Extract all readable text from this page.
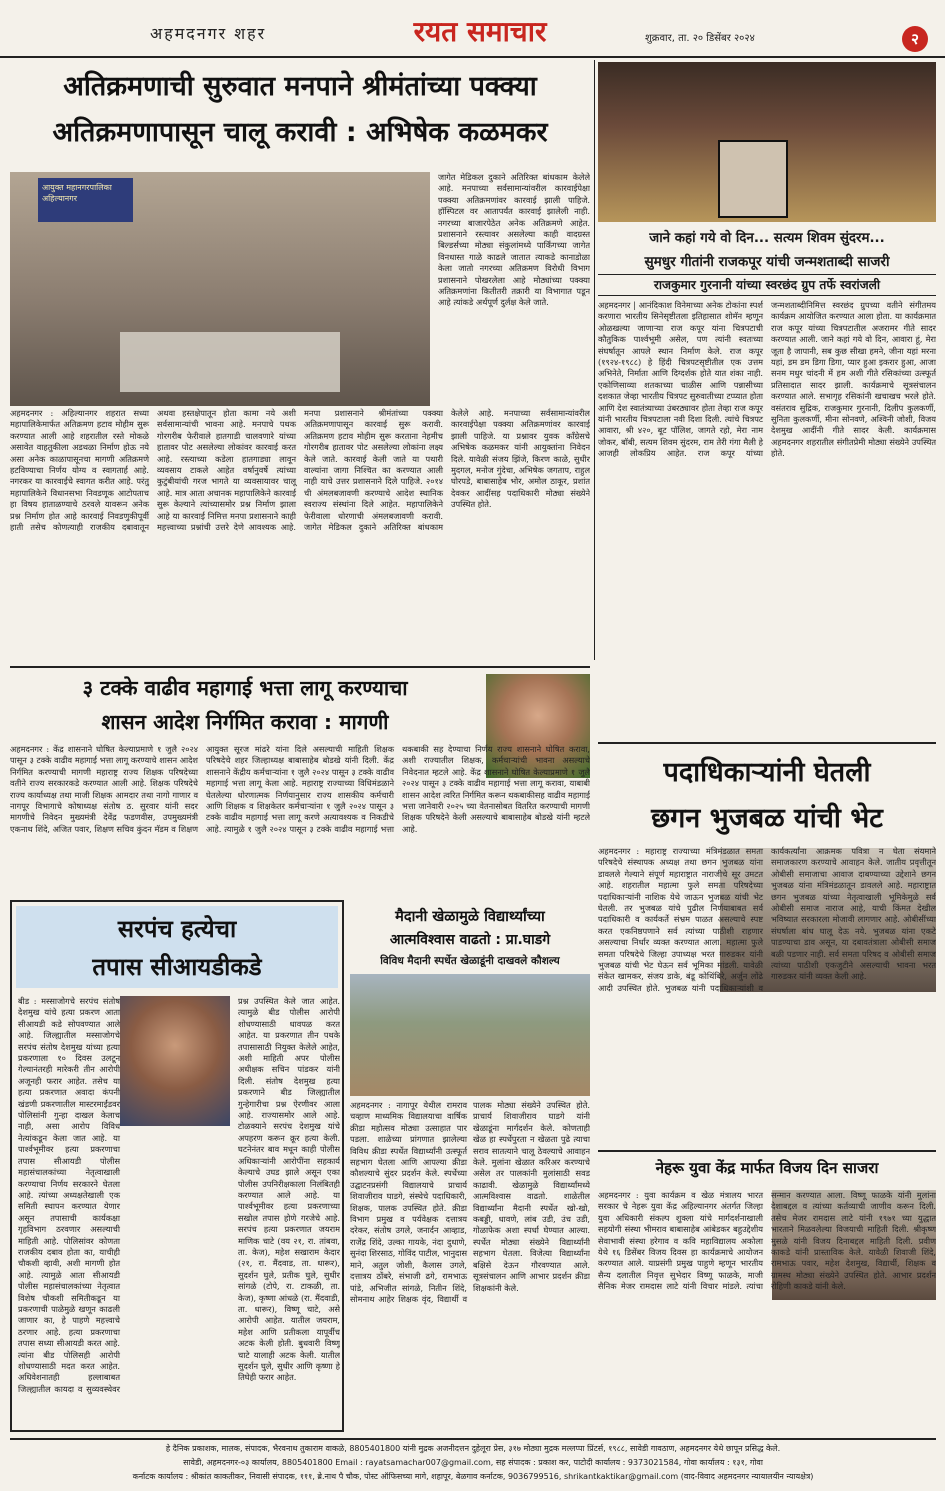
अहमदनगर शहर	रयत समाचार	शुक्रवार, ता. २० डिसेंबर २०२४	२
अतिक्रमणाची सुरुवात मनपाने श्रीमंतांच्या पक्क्या
अतिक्रमणापासून चालू करावी : अभिषेक कळमकर
आयुक्त महानगरपालिका अहिल्यानगर
अहमदनगर : अहिल्यानगर शहरात सध्या महापालिकेमार्फत अतिक्रमण हटाव मोहीम सुरू करण्यात आली आहे शहरातील रस्ते मोकळे असावेत वाहतुकीला अडथळा निर्माण होऊ नये असा अनेक काळापासूनचा मागणी अतिक्रमणे हटविण्याचा निर्णय योग्य व स्वागतार्ह आहे. नगरकर या कारवाईचे स्वागत करीत आहे. परंतु महापालिकेने विधानसभा निवडणूक आटोपताच हा विषय हाताळण्याचे ठरवले यावरून अनेक प्रश्न निर्माण होत आहे कारवाई निवडणुकीपूर्वी हाती तसेच कोणत्याही राजकीय दबावातून अथवा हस्तक्षेपातून होता कामा नये अशी सर्वसामान्यांची भावना आहे. मनपाचे पथक गोरगरीब फेरीवाले हातगाडी चालवणारे यांच्या हातावर पोट असलेल्या लोकांवर कारवाई करत आहे. रस्त्याच्या कडेला हातगाड्या लावून व्यवसाय टाकले आहेत वर्षानुवर्षे त्यांच्या कुटुंबीयांची गरज भागते या व्यवसायावर चालू आहे. मात्र आता अचानक महापालिकेने कारवाई सुरू केल्याने त्यांच्यासमोर प्रश्न निर्माण झाला आहे या कारवाई निमित्त मनपा प्रशासनाने काही महत्त्वाच्या प्रश्नांची उत्तरे देणे आवश्यक आहे. मनपा प्रशासनाने श्रीमंतांच्या पक्क्या अतिक्रमणापासून कारवाई सुरू करावी. अतिक्रमण हटाव मोहीम सुरू करताना नेहमीच गोरगरीब हातावर पोट असलेल्या लोकांना लक्ष्य केले जाते. कारवाई केली जाते या पथारी वाल्यांना जागा निश्चित का करण्यात आली नाही याचे उत्तर प्रशासनाने दिले पाहिजे. २०१४ ची अंमलबजावणी करण्याचे आदेश स्थानिक स्वराज्य संस्थांना दिले आहेत. महापालिकेने फेरीवाला धोरणाची अंमलबजावणी करावी. जागेत मेडिकल दुकाने अतिरिक्त बांधकाम केलेले आहे. मनपाच्या सर्वसामान्यांवरील कारवाईपेक्षा पक्क्या अतिक्रमणांवर कारवाई झाली पाहिजे. या प्रश्नावर युवक काँग्रेसचे अभिषेक कळमकर यांनी आयुक्तांना निवेदन दिले. यावेळी संजय झिंजे, किरण काळे, सुधीर मुदगल, मनोज गुंदेचा, अभिषेक जगताप, राहुल घोरपडे, बाबासाहेब भोर, अमोल ठाकूर, प्रशांत देवकर आदींसह पदाधिकारी मोठ्या संख्येने उपस्थित होते.
जागेत मेडिकल दुकाने अतिरिक्त बांधकाम केलेले आहे. मनपाच्या सर्वसामान्यांवरील कारवाईपेक्षा पक्क्या अतिक्रमणांवर कारवाई झाली पाहिजे. हॉस्पिटल वर आतापर्यंत कारवाई झालेली नाही. नगरच्या बाजारपेठेत अनेक अतिक्रमणे आहेत. प्रशासनाने रस्त्यावर असलेल्या काही वादग्रस्त बिल्डर्सच्या मोठ्या संकुलांमध्ये पार्किंगच्या जागेत विनधास्त गाळे काढले जातात त्याकडे कानाडोळा केला जातो नगरच्या अतिक्रमण विरोधी विभाग प्रशासनाने पोखरलेला आहे मोठ्यांच्या पक्क्या अतिक्रमणांना कितीतरी तक्रारी या विभागात पडून आहे त्यांकडे अर्थपूर्ण दुर्लक्ष केले जाते.
जाने कहां गये वो दिन... सत्यम शिवम सुंदरम...
सुमधुर गीतांनी राजकपूर यांची जन्मशताब्दी साजरी
राजकुमार गुरनानी यांच्या स्वरछंद ग्रुप तर्फे स्वरांजली
अहमदनगर | आनंदिकाश विनेमाच्या अनेक टोकांना स्पर्श करणारा भारतीय सिनेसृष्टीतला इतिहासात शोमॅन म्हणून ओळखल्या जाणाऱ्या राज कपूर यांना चित्रपटाची कौतुकिक पार्श्वभूमी असेल, पण त्यांनी स्वतःच्या संघर्षातून आपले स्थान निर्माण केले. राज कपूर (१९२४-१९८८) हे हिंदी चित्रपटसृष्टीतील एक उत्तम अभिनेते, निर्माता आणि दिग्दर्शक होते यात शंका नाही. एकोणिसाव्या शतकाच्या चाळीस आणि पन्नासीच्या दशकात जेव्हा भारतीय चित्रपट सुरुवातीच्या टप्प्यात होता आणि देश स्वातंत्र्याच्या उंबरठ्यावर होता तेव्हा राज कपूर यांनी भारतीय चित्रपटाला नवी दिशा दिली. त्यांचे चित्रपट आवारा, श्री ४२०, बूट पॉलिश, जागते रहो, मेरा नाम जोकर, बॉबी, सत्यम शिवम सुंदरम, राम तेरी गंगा मैली हे आजही लोकप्रिय आहेत. राज कपूर यांच्या जन्मशताब्दीनिमित्त स्वरछंद ग्रुपच्या वतीने संगीतमय कार्यक्रम आयोजित करण्यात आला होता. या कार्यक्रमात राज कपूर यांच्या चित्रपटातील अजरामर गीते सादर करण्यात आली. जाने कहां गये वो दिन, आवारा हूं, मेरा जूता है जापानी, सब कुछ सीखा हमने, जीना यहां मरना यहां, डम डम डिगा डिगा, प्यार हुआ इकरार हुआ, आजा सनम मधुर चांदनी में हम अशी गीते रसिकांच्या उत्स्फूर्त प्रतिसादात सादर झाली. कार्यक्रमाचे सूत्रसंचालन करण्यात आले. सभागृह रसिकांनी खचाखच भरले होते. वसंतराव सुद्रिक, राजकुमार गुरनानी, दिलीप कुलकर्णी, सुनिता कुलकर्णी, मीना सोनवणे, अश्विनी जोशी, विजय देशमुख आदींनी गीते सादर केली. कार्यक्रमास अहमदनगर शहरातील संगीतप्रेमी मोठ्या संख्येने उपस्थित होते.
३ टक्के वाढीव महागाई भत्ता लागू करण्याचा
शासन आदेश निर्गमित करावा : मागणी
अहमदनगर : केंद्र शासनाने घोषित केल्याप्रमाणे १ जुलै २०२४ पासून ३ टक्के वाढीव महागाई भत्ता लागू करण्याचे शासन आदेश निर्गमित करण्याची मागणी महाराष्ट्र राज्य शिक्षक परिषदेच्या वतीने राज्य सरकारकडे करण्यात आली आहे. शिक्षक परिषदेचे राज्य कार्याध्यक्ष तथा माजी शिक्षक आमदार तथा नागो गाणार व नागपूर विभागाचे कोषाध्यक्ष संतोष ठ. सुरवार यांनी सदर मागणीचे निवेदन मुख्यमंत्री देवेंद्र फडणवीस, उपमुख्यमंत्री एकनाथ शिंदे, अजित पवार, शिक्षण सचिव कुंदन मॅडम व शिक्षण आयुक्त सूरज मांढरे यांना दिले असल्याची माहिती शिक्षक परिषदेचे शहर जिल्हाध्यक्ष बाबासाहेब बोडखे यांनी दिली. केंद्र शासनाने केंद्रीय कर्मचाऱ्यांना १ जुलै २०२४ पासून ३ टक्के वाढीव महागाई भत्ता लागू केला आहे. महाराष्ट्र राज्याच्या विधिमंडळाने घेतलेल्या धोरणात्मक निर्णयानुसार राज्य शासकीय कर्मचारी आणि शिक्षक व शिक्षकेतर कर्मचाऱ्यांना १ जुलै २०२४ पासून ३ टक्के वाढीव महागाई भत्ता लागू करणे अत्यावश्यक व निकडीचे आहे. त्यामुळे १ जुलै २०२४ पासून ३ टक्के वाढीव महागाई भत्ता थकबाकी सह देण्याचा निर्णय राज्य शासनाने घोषित करावा, अशी राज्यातील शिक्षक, कर्मचाऱ्यांची भावना असल्याचे निवेदनात म्हटले आहे. केंद्र शासनाने घोषित केल्याप्रमाणे १ जुलै २०२४ पासून ३ टक्के वाढीव महागाई भत्ता लागू करावा, याबाबी शासन आदेश त्वरित निर्गमित करून थकबाकीसह वाढीव महागाई भत्ता जानेवारी २०२५ च्या वेतनासोबत वितरित करण्याची मागणी शिक्षक परिषदेने केली असल्याचे बाबासाहेब बोडखे यांनी म्हटले आहे.
पदाधिकाऱ्यांनी घेतली
छगन भुजबळ यांची भेट
अहमदनगर : महाराष्ट्र राज्याच्या मंत्रिमंडळात समता परिषदेचे संस्थापक अध्यक्ष तथा छगन भुजबळ यांना डावलले गेल्याने संपूर्ण महाराष्ट्रात नाराजीचे सूर उमटत आहे. शहरातील महात्मा फुले समता परिषदेच्या पदाधिकाऱ्यांनी नाशिक येथे जाऊन भुजबळ यांची भेट घेतली. तर भुजबळ यांचे पुढील निर्णयाबाबत सर्व पदाधिकारी व कार्यकर्ते संभ्रम पाळत असल्याचे स्पष्ट करत एकनिष्ठपणाने सर्व त्यांच्या पाठीशी राहणार असल्याचा निर्धार व्यक्त करण्यात आला. महात्मा फुले समता परिषदेचे जिल्हा उपाध्यक्ष भरत गारुडकर यांनी भुजबळ यांची भेट घेऊन सर्व भूमिका मांडली. यावेळी संकेत खामकर, संजय डाके, बंडू कोथिंबिरे, अर्जुन लोंढे आदी उपस्थित होते. भुजबळ यांनी पदाधिकाऱ्यांशी व कार्यकर्त्यांना आक्रमक पवित्रा न घेता संयमाने समाजकारण करण्याचे आवाहन केले. जातीय प्रवृत्तीतून ओबीसी समाजाचा आवाज दाबण्याच्या उद्देशाने छगन भुजबळ यांना मंत्रिमंडळातून डावलले आहे. महाराष्ट्रात छगन भुजबळ यांच्या नेतृत्वाखाली भूमिकेमुळे सर्व ओबीसी समाज नाराज आहे, याची किंमत देखील भविष्यात सरकारला मोजावी लागणार आहे. ओबीसींच्या संघर्षाला बांध घालू देऊ नये. भुजबळ यांना एकटे पाडण्याचा डाव असून, या दबावतंत्राला ओबीसी समाज बळी पडणार नाही. सर्व समता परिषद व ओबीसी समाज त्यांच्या पाठीशी एकजुटीने असल्याची भावना भरत गारुडकर यांनी व्यक्त केली आहे.
सरपंच हत्येचा
तपास सीआयडीकडे
बीड : मस्साजोगचे सरपंच संतोष देशमुख यांचे हत्या प्रकरण आता सीआयडी कडे सोपवण्यात आले आहे. जिल्ह्यातील मस्साजोगचे सरपंच संतोष देशमुख यांच्या हत्या प्रकरणाला १० दिवस उलटून गेल्यानंतरही मारेकरी तीन आरोपी अजूनही फरार आहेत. तसेच या हत्या प्रकरणात अवादा कंपनी खंडणी प्रकरणातील मास्टरमाईंडवर पोलिसांनी गुन्हा दाखल केलाच नाही, असा आरोप विविध नेत्यांकडून केला जात आहे. या पार्श्वभूमीवर हत्या प्रकरणाचा तपास सीआयडी पोलीस महासंचालकांच्या नेतृत्वाखाली करण्याचा निर्णय सरकारने घेतला आहे. त्यांच्या अध्यक्षतेखाली एक समिती स्थापन करण्यात येणार असून तपासाची कार्यकक्षा गृहविभाग ठरवणार असल्याची माहिती आहे. पोलिसांवर कोणता राजकीय दबाव होता का, याचीही चौकशी व्हावी, अशी मागणी होत आहे. त्यामुळे आता सीआयडी पोलीस महासंचालकांच्या नेतृत्वात विशेष चौकशी समितीकडून या प्रकरणाची पाळेमुळे खणून काढली जाणार का, हे पाहणे महत्त्वाचे ठरणार आहे. हत्या प्रकरणाचा तपास सध्या सीआयडी करत आहे. त्यांना बीड पोलिसही आरोपी शोधण्यासाठी मदत करत आहेत. अधिवेशनातही हल्लाबाबत जिल्ह्यातील कायदा व सुव्यवस्थेवर प्रश्न उपस्थित केले जात आहेत. त्यामुळे बीड पोलीस आरोपी शोधण्यासाठी धावपळ करत आहेत. या प्रकरणात तीन पथके तपासासाठी नियुक्त केलेले आहेत, अशी माहिती अपर पोलीस अधीक्षक सचिन पांडकर यांनी दिली. संतोष देशमुख हत्या प्रकरणाने बीड जिल्ह्यातील गुन्हेगारीचा प्रश्न ऐरणीवर आला आहे. राज्यासमोर आले आहे. टोळक्याने सरपंच देशमुख यांचे अपहरण करून क्रूर हत्या केली. घटनेनंतर बाव मधून काही पोलीस अधिकाऱ्यांनी आरोपींना सहकार्य केल्याचे उघड झाले असून एका पोलीस उपनिरीक्षकाला निलंबितही करण्यात आले आहे. या पार्श्वभूमीवर हत्या प्रकरणाच्या सखोल तपास होणे गरजेचे आहे. सरपंच हत्या प्रकरणात जयराम माणिक चाटे (वय २१, रा. तांबवा, ता. केज), महेश सखाराम केदार (२१, रा. मैंदवाड, ता. धारूर), सुदर्शन घुले, प्रतीक घुले, सुधीर सांगळे (टोपे, रा. टाकळी, ता. केज), कृष्णा आंधळे (रा. मैंदवाडी, ता. धारूर), विष्णू चाटे, असे आरोपी आहेत. यातील जयराम, महेश आणि प्रतीकला यापूर्वीच अटक केली होती. बुधवारी विष्णू चाटे यालाही अटक केली. यातील सुदर्शन घुले, सुधीर आणि कृष्णा हे तिघेही फरार आहेत.
मैदानी खेळामुळे विद्यार्थ्यांच्या
आत्मविश्वास वाढतो : प्रा.घाडगे
विविध मैदानी स्पर्धेत खेळाडूंनी दाखवले कौशल्य
अहमदनगर : नागापूर येथील रामराव चव्हाण माध्यमिक विद्यालयाचा वार्षिक क्रीडा महोत्सव मोठ्या उत्साहात पार पडला. शाळेच्या प्रांगणात झालेल्या विविध क्रीडा स्पर्धेत विद्यार्थ्यांनी उत्स्फूर्त सहभाग घेतला आणि आपल्या क्रीडा कौशल्याचे सुंदर प्रदर्शन केले. स्पर्धेच्या उद्घाटनप्रसंगी विद्यालयाचे प्राचार्य शिवाजीराव घाडगे, संस्थेचे पदाधिकारी, शिक्षक, पालक उपस्थित होते. क्रीडा विभाग प्रमुख व पर्यवेक्षक दत्तात्रय दरेकर, संतोष उगले, जनार्दन आव्हाड, राजेंद्र शिंदे, उल्का गायके, नंदा दुधाणे, सुनंदा शिरसाठ, गोविंद पाटील, भानुदास माने, अतुल जोशी, कैलास उगले, दत्तात्रय ठोंबरे, संभाजी ढगे, रामभाऊ पांडे, अभिजीत सांगळे, नितीन शिंदे, सोमनाथ आहेर शिक्षक वृंद, विद्यार्थी व पालक मोठ्या संख्येने उपस्थित होते. प्राचार्य शिवाजीराव घाडगे यांनी खेळाडूंना मार्गदर्शन केले. कोणताही खेळ हा स्पर्धेपुरता न खेळता पुढे त्याचा सराव सातत्याने चालू ठेवल्याचे आवाहन केले. मुलांना खेळात करिअर करण्याचे असेल तर पालकांनी मुलांसाठी सवड काढावी. खेळामुळे विद्यार्थ्यांमध्ये आत्मविश्वास वाढतो. शाळेतील विद्यार्थ्यांना मैदानी स्पर्धेत खो-खो, कबड्डी, धावणे, लांब उडी, उंच उडी, गोळाफेक अशा स्पर्धा घेण्यात आल्या. स्पर्धेत मोठ्या संख्येने विद्यार्थ्यांनी सहभाग घेतला. विजेत्या विद्यार्थ्यांना बक्षिसे देऊन गौरवण्यात आले. सूत्रसंचालन आणि आभार प्रदर्शन क्रीडा शिक्षकांनी केले.
नेहरू युवा केंद्र मार्फत विजय दिन साजरा
अहमदनगर : युवा कार्यक्रम व खेळ मंत्रालय भारत सरकार चे नेहरू युवा केंद्र अहिल्यानगर अंतर्गत जिल्हा युवा अधिकारी संकल्प शुक्ला यांचे मार्गदर्शनाखाली सहयोगी संस्था भीमराव बाबासाहेब आंबेडकर बहुउद्देशीय सेवाभावी संस्था हरेगाव व कवि महाविद्यालय अकोला येथे १६ डिसेंबर विजय दिवस हा कार्यक्रमाचे आयोजन करण्यात आले. याप्रसंगी प्रमुख पाहुणे म्हणून भारतीय सैन्य दलातील निवृत्त सुभेदार विष्णू फाळके, माजी सैनिक मेजर रामदास लाटे यांनी विचार मांडले. त्यांचा सन्मान करण्यात आला. विष्णू फाळके यांनी मुलांना देशाबद्दल व त्यांच्या कर्तव्याची जाणीव करून दिली. तसेच मेजर रामदास लाटे यांनी १९७१ च्या युद्धात भारताने मिळवलेल्या विजयाची माहिती दिली. श्रीकृष्ण मुसळे यांनी विजय दिनाबद्दल माहिती दिली. प्रवीण काकडे यांनी प्रास्ताविक केले. यावेळी शिवाजी शिंदे, रामभाऊ पवार, महेश देशमुख, विद्यार्थी, शिक्षक व ग्रामस्थ मोठ्या संख्येने उपस्थित होते. आभार प्रदर्शन रोहिणी काकडे यांनी केले.
हे दैनिक प्रकाशक, मालक, संपादक, भैरवनाथ तुकाराम वाकळे, 8805401800 यांनी मुद्रक अजनीदत्तन दुहेलूरा प्रेस, ३१७ मोठ्या मुद्रक मल्लप्पा प्रिंटर्स, १९८८, सावेडी गावठाण, अहमदनगर येथे छापून प्रसिद्ध केले.
सावेडी, अहमदनगर-०३ कार्यालय, 8805401800 Email : rayatsamachar007@gmail.com, सह संपादक : प्रकाश कर, पाटोदी कार्यालय : 9373021584, गोवा कार्यालय : १३१, गोवा
कर्नाटक कार्यालय : श्रीकांत काकतीकर, निवासी संपादक, १११, ब्रे.नाथ पै चौक, पोस्ट ऑफिसच्या मागे, शहापूर, बेळगाव कर्नाटक, 9036799516, shrikantkaktikar@gmail.com (वाद-विवाद अहमदनगर न्यायालयीन न्यायक्षेत्र)
